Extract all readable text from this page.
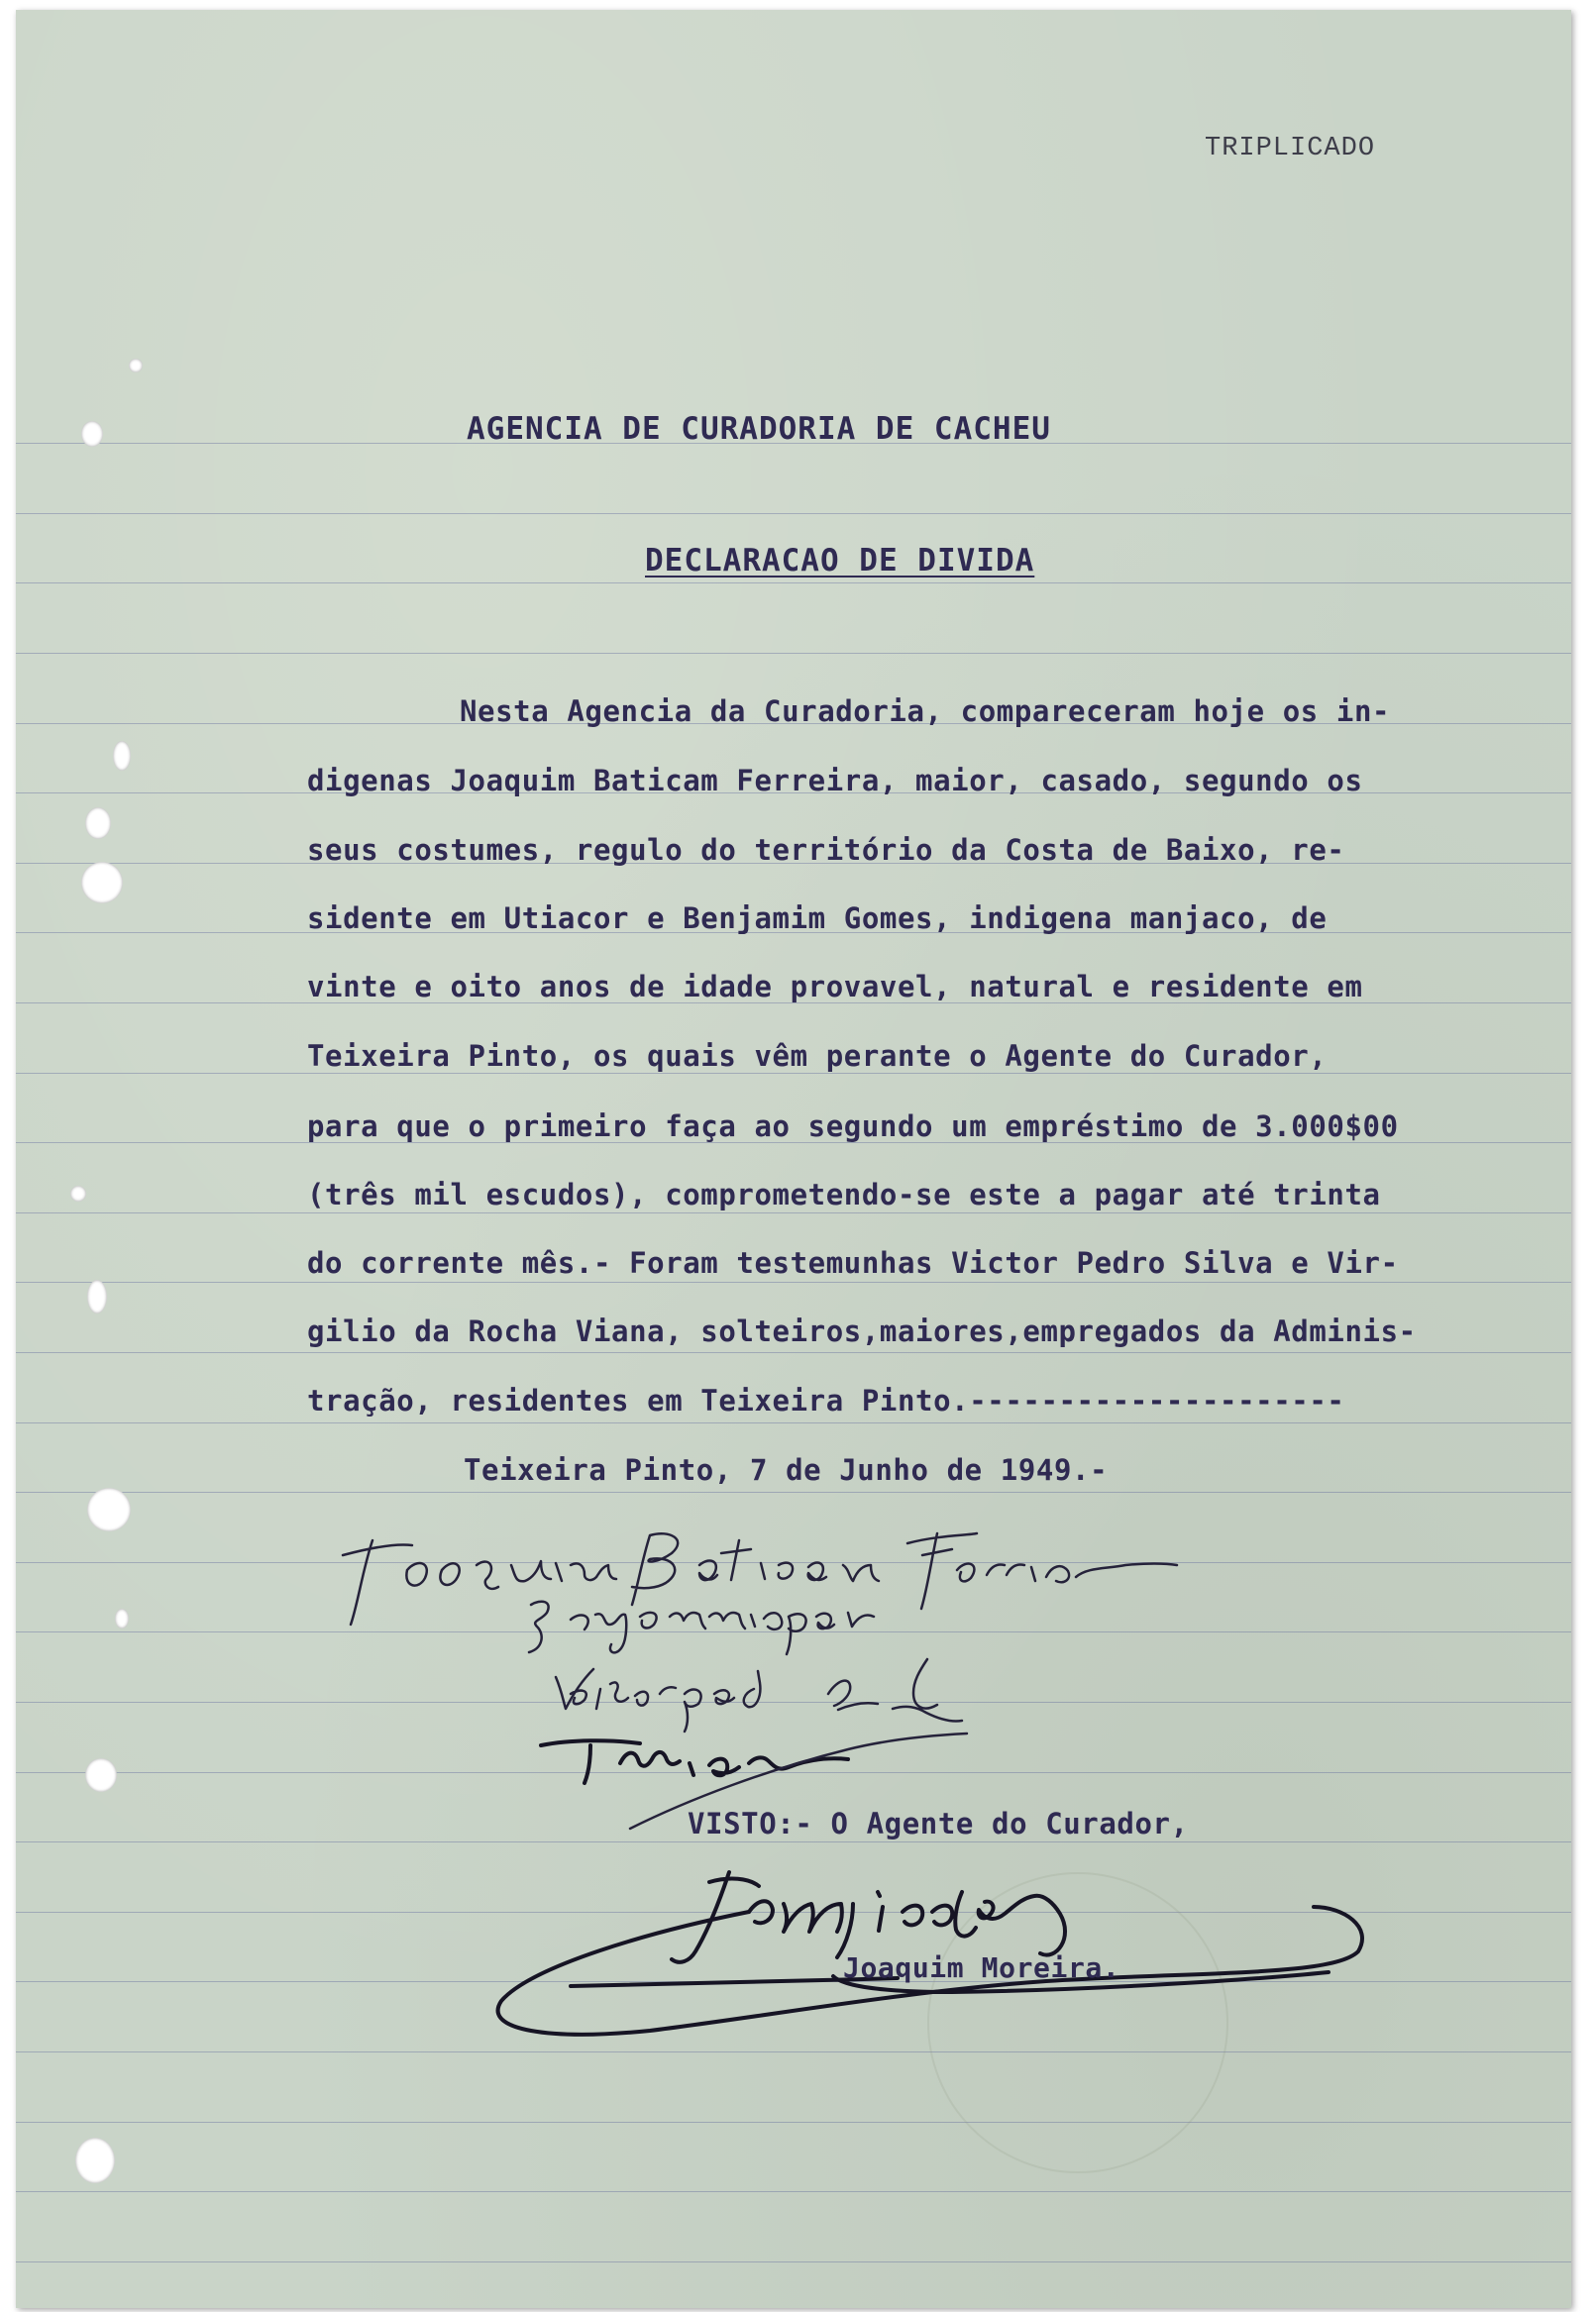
TRIPLICADO
AGENCIA DE CURADORIA DE CACHEU
DECLARACAO DE DIVIDA
Nesta Agencia da Curadoria, compareceram hoje os in-
digenas Joaquim Baticam Ferreira, maior, casado, segundo os
seus costumes, regulo do território da Costa de Baixo, re-
sidente em Utiacor e Benjamim Gomes, indigena manjaco, de
vinte e oito anos de idade provavel, natural e residente em
Teixeira Pinto, os quais vêm perante o Agente do Curador,
para que o primeiro faça ao segundo um empréstimo de 3.000$00
(três mil escudos), comprometendo-se este a pagar até trinta
do corrente mês.- Foram testemunhas Victor Pedro Silva e Vir-
gilio da Rocha Viana, solteiros,maiores,empregados da Adminis-
tração, residentes em Teixeira Pinto.---------------------
Teixeira Pinto, 7 de Junho de 1949.-
VISTO:- O Agente do Curador,
Joaquim Moreira.
